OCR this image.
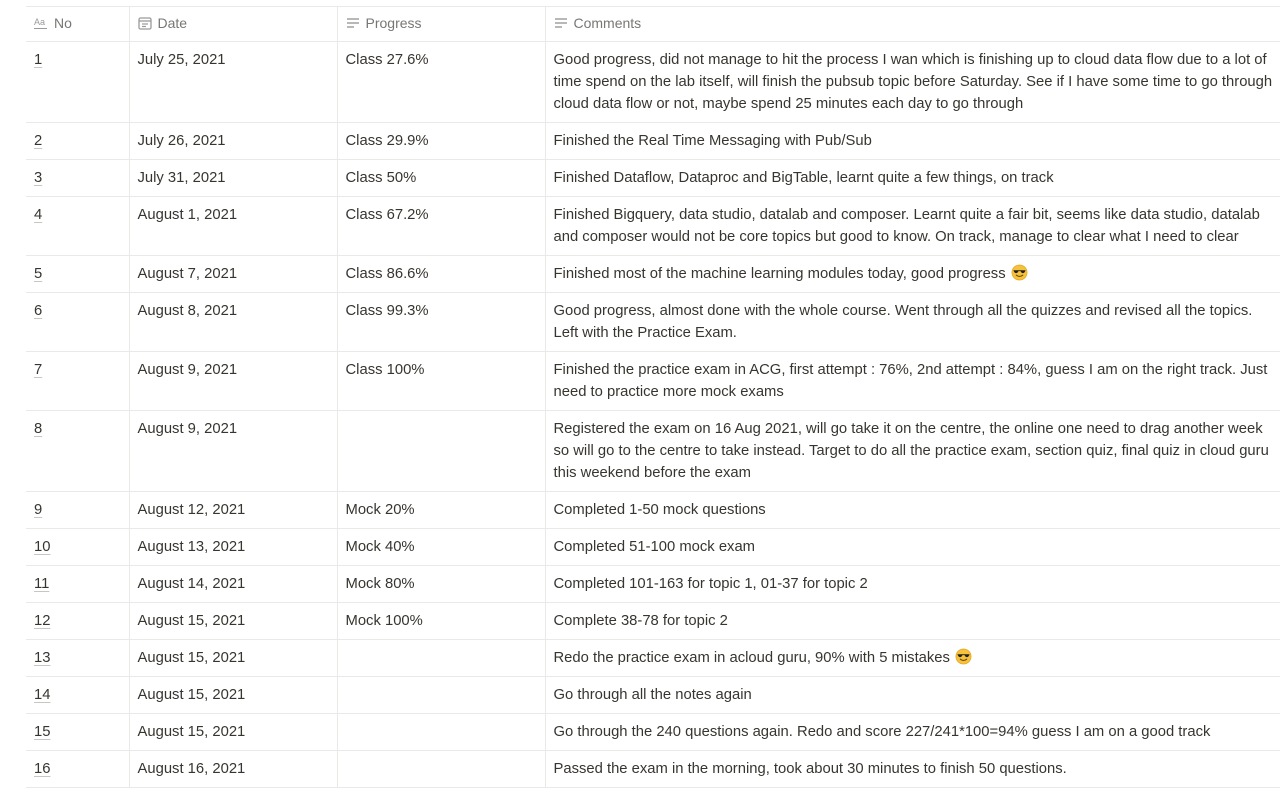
Aa No	Date	Progress	Comments
1	July 25, 2021	Class 27.6%	Good progress, did not manage to hit the process I wan which is finishing up to cloud data flow due to a lot of time spend on the lab itself, will finish the pubsub topic before Saturday. See if I have some time to go through cloud data flow or not, maybe spend 25 minutes each day to go through
2	July 26, 2021	Class 29.9%	Finished the Real Time Messaging with Pub/Sub
3	July 31, 2021	Class 50%	Finished Dataflow, Dataproc and BigTable, learnt quite a few things, on track
4	August 1, 2021	Class 67.2%	Finished Bigquery, data studio, datalab and composer. Learnt quite a fair bit, seems like data studio, datalab and composer would not be core topics but good to know. On track, manage to clear what I need to clear
5	August 7, 2021	Class 86.6%	Finished most of the machine learning modules today, good progress
6	August 8, 2021	Class 99.3%	Good progress, almost done with the whole course. Went through all the quizzes and revised all the topics. Left with the Practice Exam.
7	August 9, 2021	Class 100%	Finished the practice exam in ACG, first attempt : 76%, 2nd attempt : 84%, guess I am on the right track. Just need to practice more mock exams
8	August 9, 2021		Registered the exam on 16 Aug 2021, will go take it on the centre, the online one need to drag another week so will go to the centre to take instead. Target to do all the practice exam, section quiz, final quiz in cloud guru this weekend before the exam
9	August 12, 2021	Mock 20%	Completed 1-50 mock questions
10	August 13, 2021	Mock 40%	Completed 51-100 mock exam
11	August 14, 2021	Mock 80%	Completed 101-163 for topic 1, 01-37 for topic 2
12	August 15, 2021	Mock 100%	Complete 38-78 for topic 2
13	August 15, 2021		Redo the practice exam in acloud guru, 90% with 5 mistakes
14	August 15, 2021		Go through all the notes again
15	August 15, 2021		Go through the 240 questions again. Redo and score 227/241*100=94% guess I am on a good track
16	August 16, 2021		Passed the exam in the morning, took about 30 minutes to finish 50 questions.
